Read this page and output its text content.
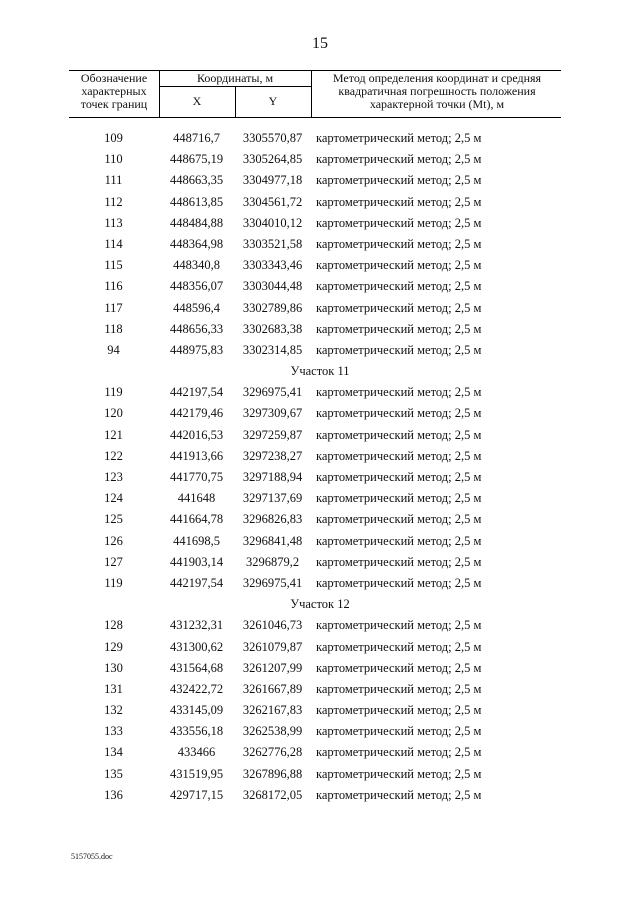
15
Обозначение характерных точек границ
Координаты, м
X	Y
Метод определения координат и средняя квадратичная погрешность положения характерной точки (Mt), м
109	448716,7	3305570,87	картометрический метод; 2,5 м
110	448675,19	3305264,85	картометрический метод; 2,5 м
111	448663,35	3304977,18	картометрический метод; 2,5 м
112	448613,85	3304561,72	картометрический метод; 2,5 м
113	448484,88	3304010,12	картометрический метод; 2,5 м
114	448364,98	3303521,58	картометрический метод; 2,5 м
115	448340,8	3303343,46	картометрический метод; 2,5 м
116	448356,07	3303044,48	картометрический метод; 2,5 м
117	448596,4	3302789,86	картометрический метод; 2,5 м
118	448656,33	3302683,38	картометрический метод; 2,5 м
94	448975,83	3302314,85	картометрический метод; 2,5 м
Участок 11
119	442197,54	3296975,41	картометрический метод; 2,5 м
120	442179,46	3297309,67	картометрический метод; 2,5 м
121	442016,53	3297259,87	картометрический метод; 2,5 м
122	441913,66	3297238,27	картометрический метод; 2,5 м
123	441770,75	3297188,94	картометрический метод; 2,5 м
124	441648	3297137,69	картометрический метод; 2,5 м
125	441664,78	3296826,83	картометрический метод; 2,5 м
126	441698,5	3296841,48	картометрический метод; 2,5 м
127	441903,14	3296879,2	картометрический метод; 2,5 м
119	442197,54	3296975,41	картометрический метод; 2,5 м
Участок 12
128	431232,31	3261046,73	картометрический метод; 2,5 м
129	431300,62	3261079,87	картометрический метод; 2,5 м
130	431564,68	3261207,99	картометрический метод; 2,5 м
131	432422,72	3261667,89	картометрический метод; 2,5 м
132	433145,09	3262167,83	картометрический метод; 2,5 м
133	433556,18	3262538,99	картометрический метод; 2,5 м
134	433466	3262776,28	картометрический метод; 2,5 м
135	431519,95	3267896,88	картометрический метод; 2,5 м
136	429717,15	3268172,05	картометрический метод; 2,5 м
5157055.doc
